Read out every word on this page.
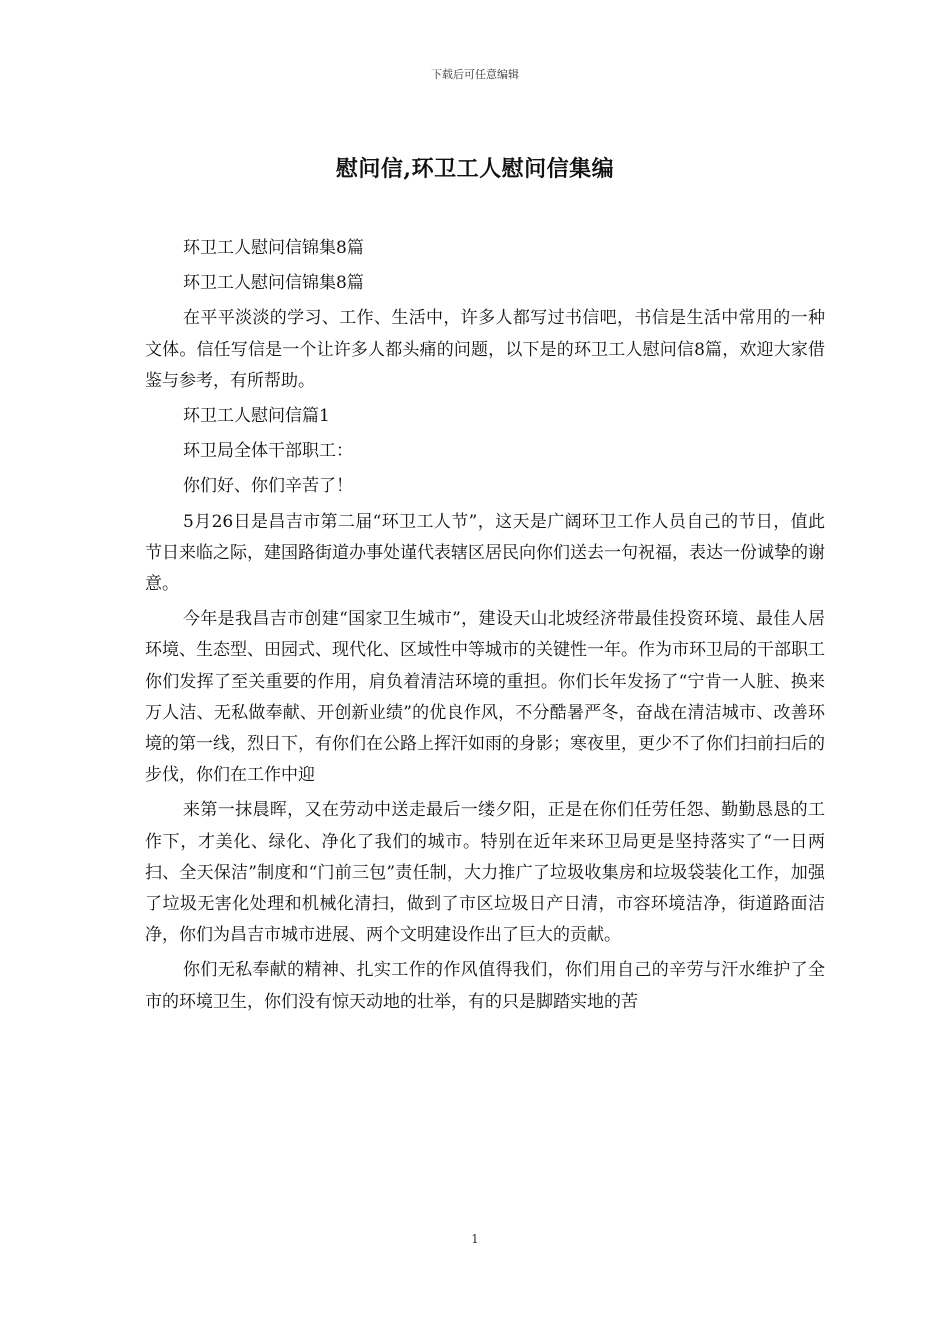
下载后可任意编辑
慰问信,环卫工人慰问信集编

环卫工人慰问信锦集8篇

环卫工人慰问信锦集8篇

在平平淡淡的学习、工作、生活中，许多人都写过书信吧，书信是生活中常用的一种文体。信任写信是一个让许多人都头痛的问题，以下是的环卫工人慰问信8篇，欢迎大家借鉴与参考，有所帮助。

环卫工人慰问信篇1

环卫局全体干部职工：

你们好、你们辛苦了！

5月26日是昌吉市第二届“环卫工人节”，这天是广阔环卫工作人员自己的节日，值此节日来临之际，建国路街道办事处谨代表辖区居民向你们送去一句祝福，表达一份诚挚的谢意。

今年是我昌吉市创建“国家卫生城市”，建设天山北坡经济带最佳投资环境、最佳人居环境、生态型、田园式、现代化、区域性中等城市的关键性一年。作为市环卫局的干部职工你们发挥了至关重要的作用，肩负着清洁环境的重担。你们长年发扬了“宁肯一人脏、换来万人洁、无私做奉献、开创新业绩”的优良作风，不分酷暑严冬，奋战在清洁城市、改善环境的第一线，烈日下，有你们在公路上挥汗如雨的身影；寒夜里，更少不了你们扫前扫后的步伐，你们在工作中迎

来第一抹晨晖，又在劳动中送走最后一缕夕阳，正是在你们任劳任怨、勤勤恳恳的工作下，才美化、绿化、净化了我们的城市。特别在近年来环卫局更是坚持落实了“一日两扫、全天保洁”制度和“门前三包”责任制，大力推广了垃圾收集房和垃圾袋装化工作，加强了垃圾无害化处理和机械化清扫，做到了市区垃圾日产日清，市容环境洁净，街道路面洁净，你们为昌吉市城市进展、两个文明建设作出了巨大的贡献。

你们无私奉献的精神、扎实工作的作风值得我们，你们用自己的辛劳与汗水维护了全市的环境卫生，你们没有惊天动地的壮举，有的只是脚踏实地的苦

1
